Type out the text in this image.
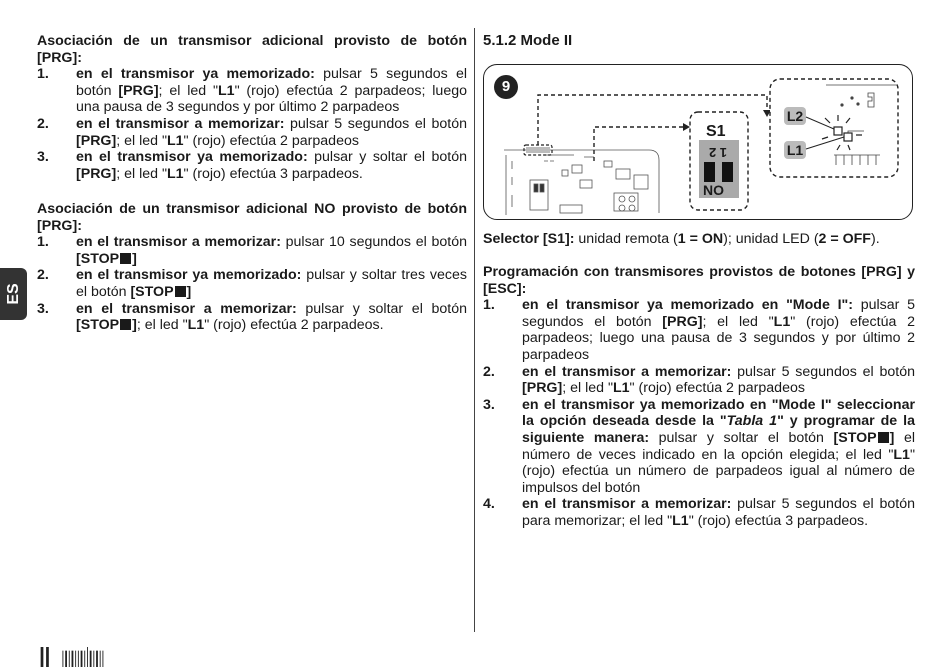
ES

Asociación de un transmisor adicional provisto de botón [PRG]:

1.	en el transmisor ya memorizado: pulsar 5 segundos el botón [PRG]; el led "L1" (rojo) efectúa 2 parpadeos; luego una pausa de 3 segundos y por último 2 parpadeos
2.	en el transmisor a memorizar: pulsar 5 segundos el botón [PRG]; el led "L1" (rojo) efectúa 2 parpadeos
3.	en el transmisor ya memorizado: pulsar y soltar el botón [PRG]; el led "L1" (rojo) efectúa 3 parpadeos.

Asociación de un transmisor adicional NO provisto de botón [PRG]:

1.	en el transmisor a memorizar: pulsar 10 segundos el botón [STOP ]
2.	en el transmisor ya memorizado: pulsar y soltar tres veces el botón [STOP ]
3.	en el transmisor a memorizar: pulsar y soltar el botón [STOP ]; el led "L1" (rojo) efectúa 2 parpadeos.

5.1.2 Mode II

Selector [S1]: unidad remota (1 = ON); unidad LED (2 = OFF).

Programación con transmisores provistos de botones [PRG] y [ESC]:

1.	en el transmisor ya memorizado en "Mode I": pulsar 5 segundos el botón [PRG]; el led "L1" (rojo) efectúa 2 parpadeos; luego una pausa de 3 segundos y por último 2 parpadeos
2.	en el transmisor a memorizar: pulsar 5 segundos el botón [PRG]; el led "L1" (rojo) efectúa 2 parpadeos
3.	en el transmisor ya memorizado en "Mode I" seleccionar la opción deseada desde la "Tabla 1" y programar de la siguiente manera: pulsar y soltar el botón [STOP ] el número de veces indicado en la opción elegida; el led "L1" (rojo) efectúa un número de parpadeos igual al número de impulsos del botón
4.	en el transmisor a memorizar: pulsar 5 segundos el botón para memorizar; el led "L1" (rojo) efectúa 3 parpadeos.
9
S1
1 2
NO
L2
L1
